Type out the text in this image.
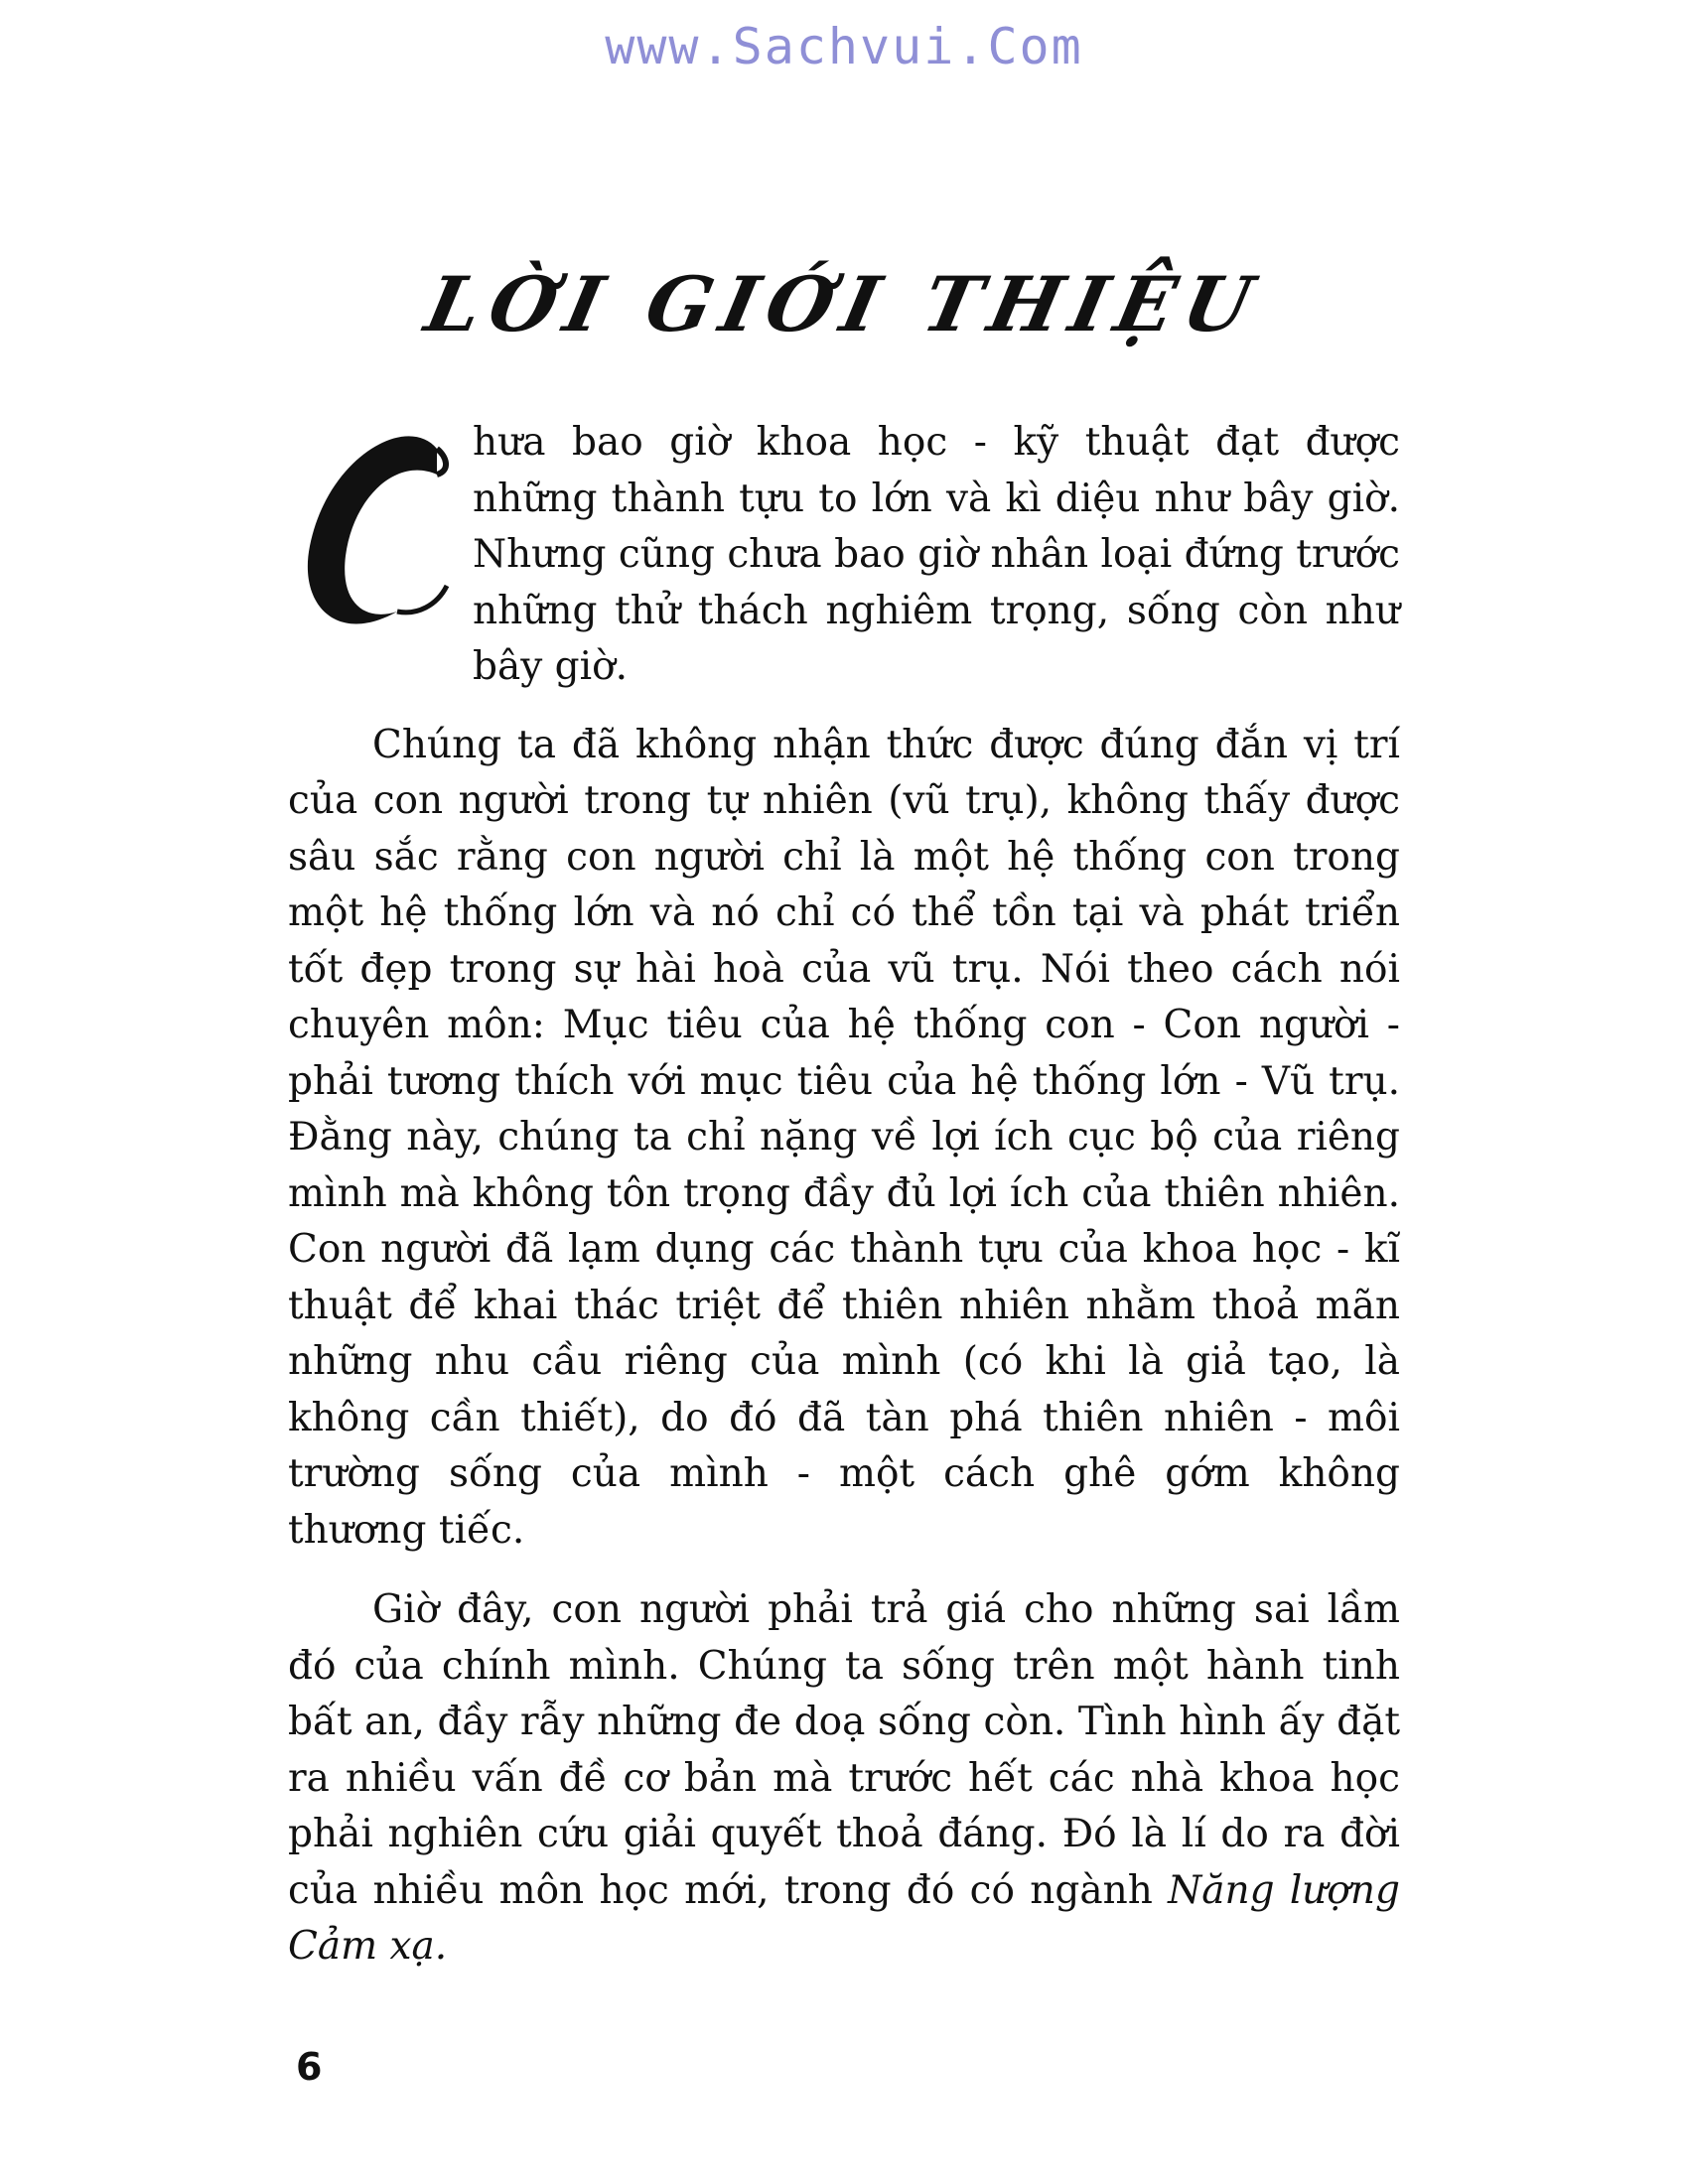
www.Sachvui.Com
LỜI GIỚI THIỆU

hưa bao giờ khoa học - kỹ thuật đạt được những thành tựu to lớn và kì diệu như bây giờ. Nhưng cũng chưa bao giờ nhân loại đứng trước những thử thách nghiêm trọng, sống còn như bây giờ.

Chúng ta đã không nhận thức được đúng đắn vị trí của con người trong tự nhiên (vũ trụ), không thấy được sâu sắc rằng con người chỉ là một hệ thống con trong một hệ thống lớn và nó chỉ có thể tồn tại và phát triển tốt đẹp trong sự hài hoà của vũ trụ. Nói theo cách nói chuyên môn: Mục tiêu của hệ thống con - Con người - phải tương thích với mục tiêu của hệ thống lớn - Vũ trụ. Đằng này, chúng ta chỉ nặng về lợi ích cục bộ của riêng mình mà không tôn trọng đầy đủ lợi ích của thiên nhiên. Con người đã lạm dụng các thành tựu của khoa học - kĩ thuật để khai thác triệt để thiên nhiên nhằm thoả mãn những nhu cầu riêng của mình (có khi là giả tạo, là không cần thiết), do đó đã tàn phá thiên nhiên - môi trường sống của mình - một cách ghê gớm không thương tiếc.

Giờ đây, con người phải trả giá cho những sai lầm đó của chính mình. Chúng ta sống trên một hành tinh bất an, đầy rẫy những đe doạ sống còn. Tình hình ấy đặt ra nhiều vấn đề cơ bản mà trước hết các nhà khoa học phải nghiên cứu giải quyết thoả đáng. Đó là lí do ra đời của nhiều môn học mới, trong đó có ngành Năng lượng Cảm xạ.

6
